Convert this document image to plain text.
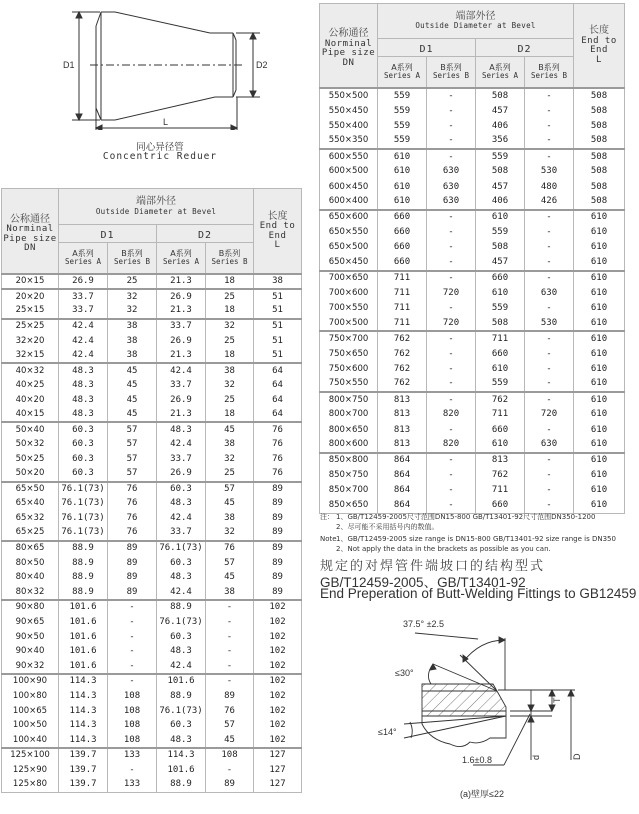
D1	D2
L
同心异径管
Concentric Reduer
公称通径
Norminal
Pipe size
DN

端部外径
Outside Diameter at Bevel	长度
End to
End
L

	D1		D2		

A系列
Series A

B系列
Series B

A系列
Series A

B系列
Series B

20×15	26.9	25	21.3	18	38
20×20	33.7	32	26.9	25	51
25×15	33.7	32	21.3	18	51
25×25	42.4	38	33.7	32	51
32×20	42.4	38	26.9	25	51
32×15	42.4	38	21.3	18	51
40×32	48.3	45	42.4	38	64
40×25	48.3	45	33.7	32	64
40×20	48.3	45	26.9	25	64
40×15	48.3	45	21.3	18	64
50×40	60.3	57	48.3	45	76
50×32	60.3	57	42.4	38	76
50×25	60.3	57	33.7	32	76
50×20	60.3	57	26.9	25	76
65×50	76.1(73)	76	60.3	57	89
65×40	76.1(73)	76	48.3	45	89
65×32	76.1(73)	76	42.4	38	89
65×25	76.1(73)	76	33.7	32	89
80×65	88.9	89	76.1(73)	76	89
80×50	88.9	89	60.3	57	89
80×40	88.9	89	48.3	45	89
80×32	88.9	89	42.4	38	89
90×80	101.6	-	88.9	-	102
90×65	101.6	-	76.1(73)	-	102
90×50	101.6	-	60.3	-	102
90×40	101.6	-	48.3	-	102
90×32	101.6	-	42.4	-	102
100×90	114.3	-	101.6	-	102
100×80	114.3	108	88.9	89	102
100×65	114.3	108	76.1(73)	76	102
100×50	114.3	108	60.3	57	102
100×40	114.3	108	48.3	45	102
125×100	139.7	133	114.3	108	127
125×90	139.7	-	101.6	-	127
125×80	139.7	133	88.9	89	127
公称通径
Norminal
Pipe size
DN

端部外径
Outside Diameter at Bevel	长度
End to
End
L

	D1		D2		

A系列
Series A

B系列
Series B

A系列
Series A

B系列
Series B

550×500	559	-	508	-	508
550×450	559	-	457	-	508
550×400	559	-	406	-	508
550×350	559	-	356	-	508
600×550	610	-	559	-	508
600×500	610	630	508	530	508
600×450	610	630	457	480	508
600×400	610	630	406	426	508
650×600	660	-	610	-	610
650×550	660	-	559	-	610
650×500	660	-	508	-	610
650×450	660	-	457	-	610
700×650	711	-	660	-	610
700×600	711	720	610	630	610
700×550	711	-	559	-	610
700×500	711	720	508	530	610
750×700	762	-	711	-	610
750×650	762	-	660	-	610
750×600	762	-	610	-	610
750×550	762	-	559	-	610
800×750	813	-	762	-	610
800×700	813	820	711	720	610
800×650	813	-	660	-	610
800×600	813	820	610	630	610
850×800	864	-	813	-	610
850×750	864	-	762	-	610
850×700	864	-	711	-	610
850×650	864	-	660	-	610
注： 1、GB/T12459-2005尺寸范围DN15-800 GB/T13401-92尺寸范围DN350-1200
2、尽可能不采用括号内的数值。
Note1、GB/T12459-2005 size range is DN15-800 GB/T13401-92 size range is DN350
2、Not apply the data in the brackets as possible as you can.
规定的对焊管件端坡口的结构型式
GB/T12459-2005、GB/T13401-92
End Preperation of Butt-Welding Fittings to GB12459
37.5° ±2.5
≤30°
≤14°
1.6±0.8
T
d	D
(a)壁厚≤22
